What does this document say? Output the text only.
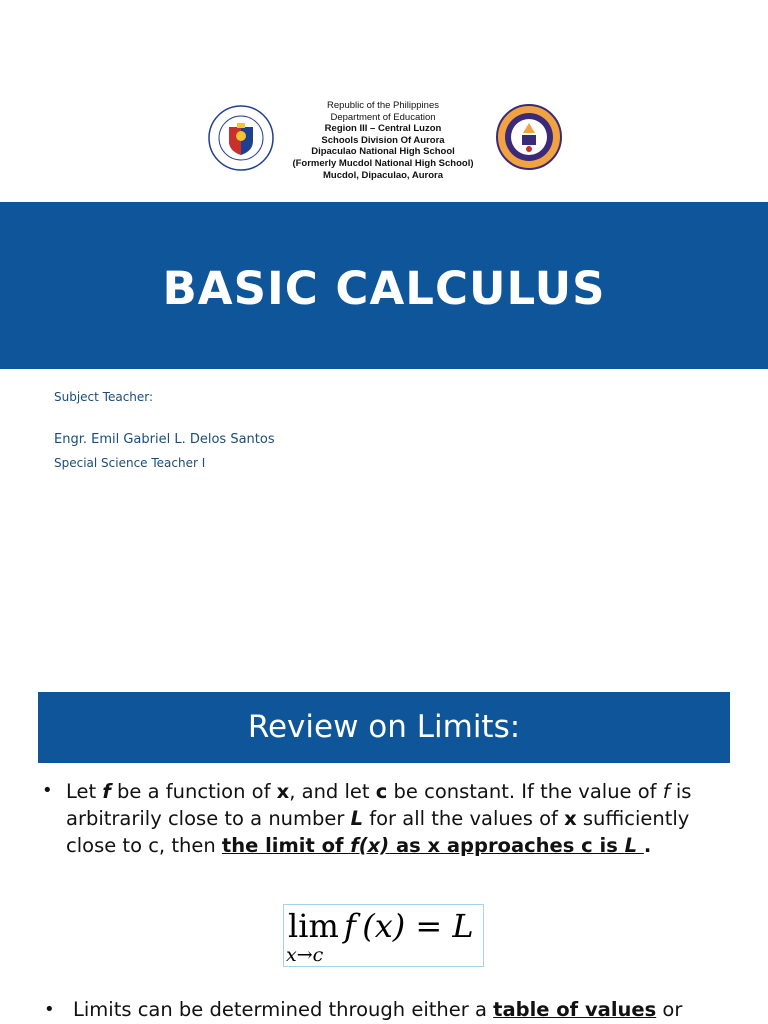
Republic of the Philippines
Department of Education
Region III – Central Luzon
Schools Division Of Aurora
Dipaculao National High School
(Formerly Mucdol National High School)
Mucdol, Dipaculao, Aurora
BASIC CALCULUS
Subject Teacher:
Engr. Emil Gabriel L. Delos Santos
Special Science Teacher I
Review on Limits:
• Let f be a function of x, and let c be constant. If the value of f is arbitrarily close to a number L for all the values of x sufficiently close to c, then the limit of f(x) as x approaches c is L .
lim f (x) = L
x→c
• Limits can be determined through either a table of values or
